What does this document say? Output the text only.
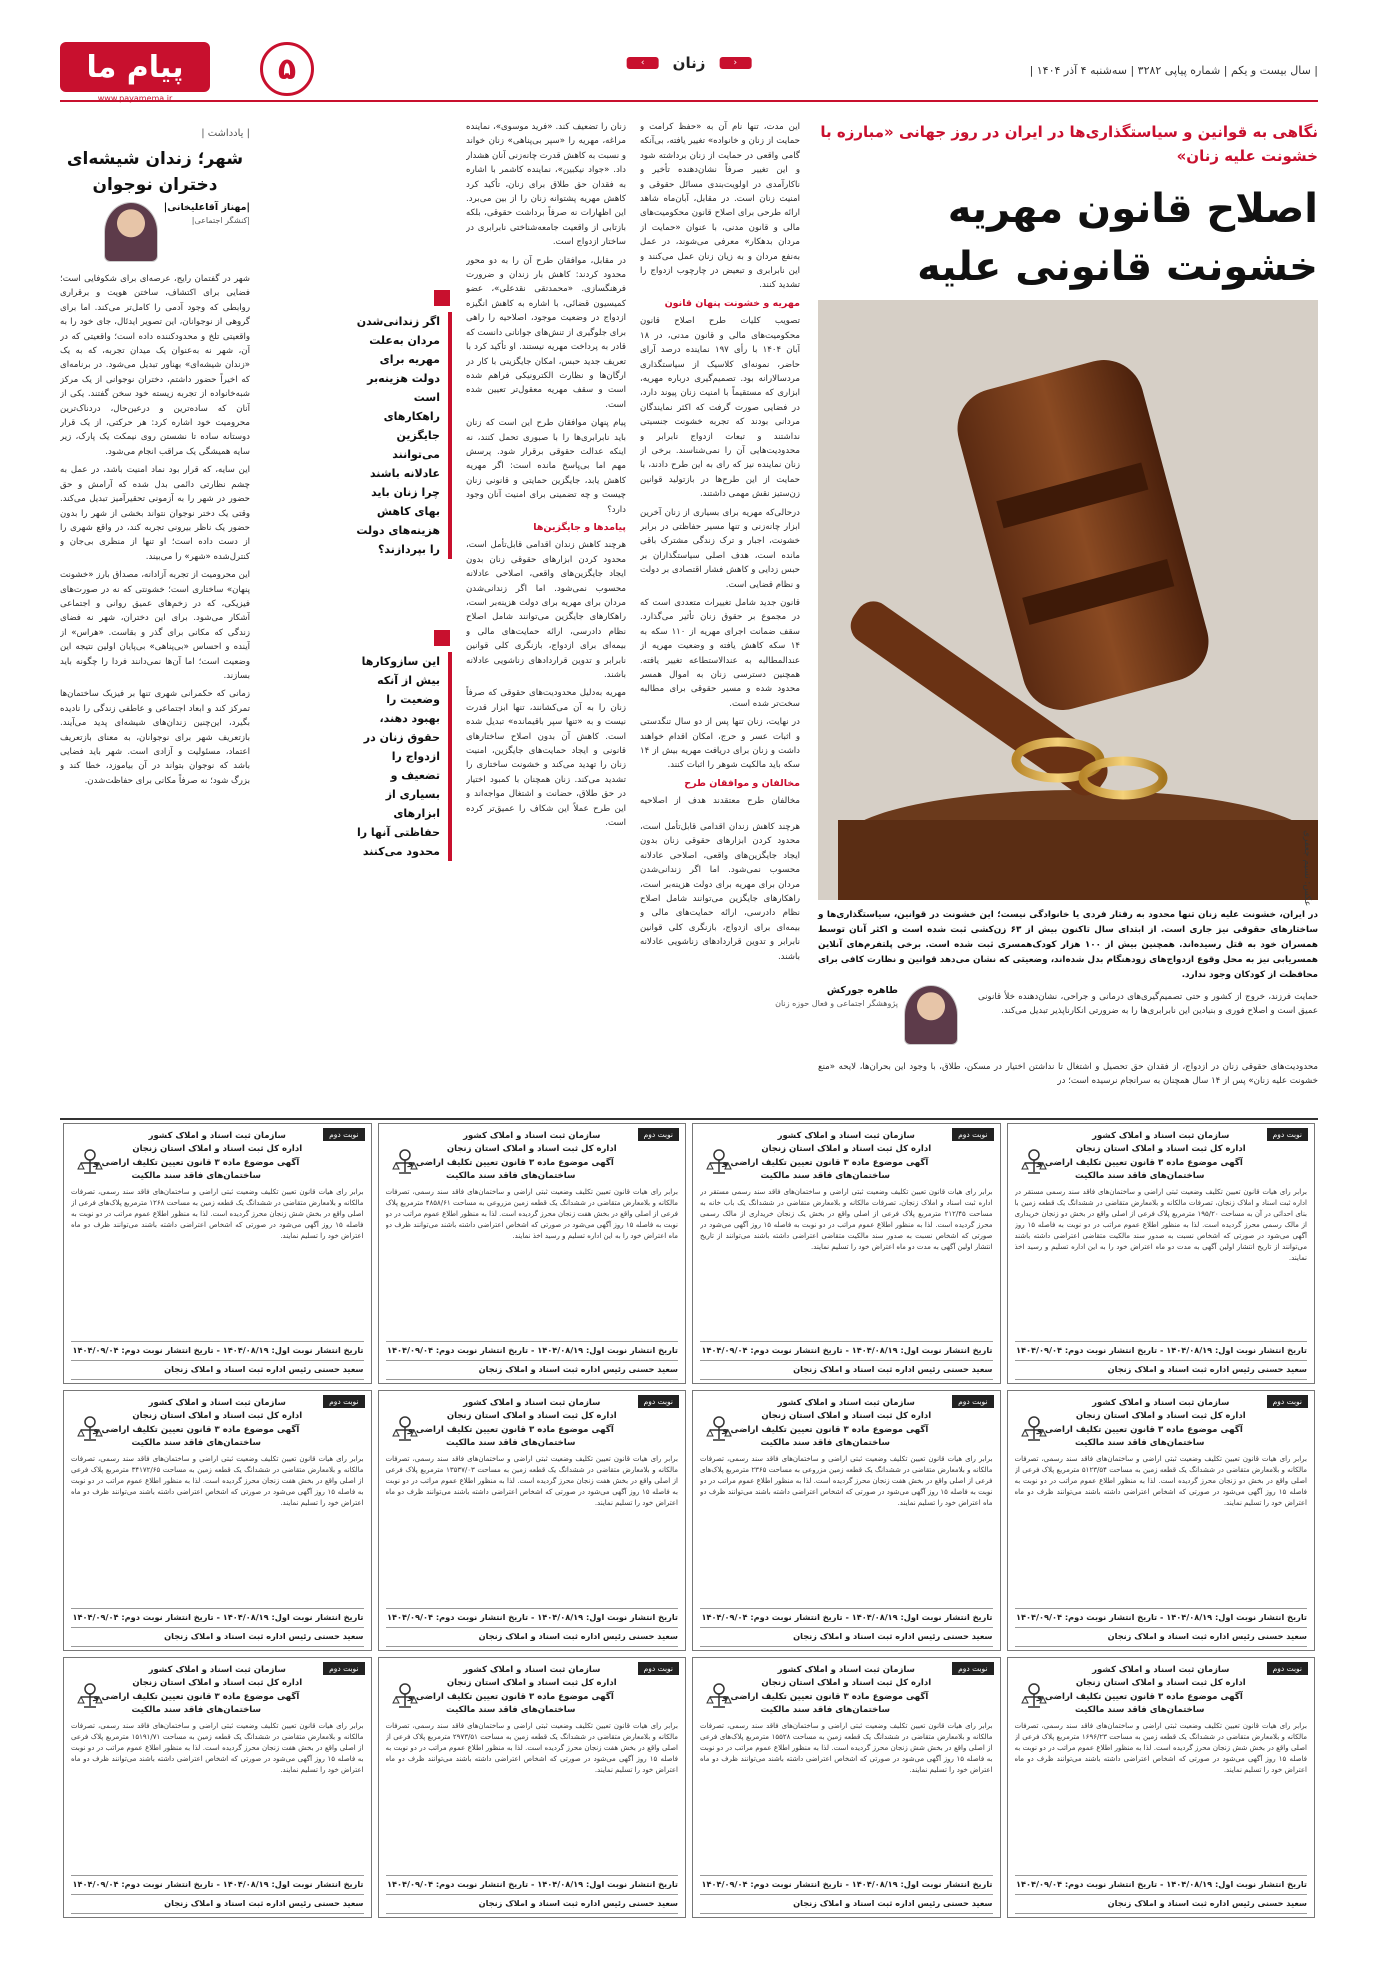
پیام ما
www.payamema.ir
۵	‹
زنان
›
| سال بیست و یکم | شماره پیاپی ۳۲۸۲ | سه‌شنبه ۴ آذر ۱۴۰۴ |
نگاهی به قوانین و سیاستگذاری‌ها در ایران در روز جهانی «مبارزه با خشونت علیه زنان»
اصلاح قانون مهریه خشونت قانونی علیه
عکس: نسیم جعفری
در ایران، خشونت علیه زنان تنها محدود به رفتار فردی یا خانوادگی نیست؛ این خشونت در قوانین، سیاستگذاری‌ها و ساختارهای حقوقی نیز جاری است. از ابتدای سال تاکنون بیش از ۶۳ زن‌کشی ثبت شده است و اکثر آنان توسط همسران خود به قتل رسیده‌اند. همچنین بیش از ۱۰۰ هزار کودک‌همسری ثبت شده است. برخی پلتفرم‌های آنلاین همسریابی نیز به محل وقوع ازدواج‌های زودهنگام بدل شده‌اند، وضعیتی که نشان می‌دهد قوانین و نظارت کافی برای محافظت از کودکان وجود ندارد.

این مدت، تنها نام آن به «حفظ کرامت و حمایت از زنان و خانواده» تغییر یافته، بی‌آنکه گامی واقعی در حمایت از زنان برداشته شود و این تغییر صرفاً نشان‌دهنده تأخیر و ناکارآمدی در اولویت‌بندی مسائل حقوقی و امنیت زنان است. در مقابل، آبان‌ماه شاهد ارائه طرحی برای اصلاح قانون محکومیت‌های مالی و قانون مدنی، با عنوان «حمایت از مردان بدهکار» معرفی می‌شوند، در عمل به‌نفع مردان و به زیان زنان عمل می‌کنند و این نابرابری و تبعیض در چارچوب ازدواج را تشدید کنند.

مهریه و خشونت پنهان قانون

تصویب کلیات طرح اصلاح قانون محکومیت‌های مالی و قانون مدنی، در ۱۸ آبان ۱۴۰۴ با رأی ۱۹۷ نماینده درصد آرای حاضر، نمونه‌ای کلاسیک از سیاستگذاری مردسالارانه بود. تصمیم‌گیری درباره مهریه، ابزاری که مستقیماً با امنیت زنان پیوند دارد، در فضایی صورت گرفت که اکثر نمایندگان مردانی بودند که تجربه خشونت جنسیتی نداشتند و تبعات ازدواج نابرابر و محدودیت‌هایی آن را نمی‌شناسند. برخی از زنان نماینده نیز که رای به این طرح دادند، با حمایت از این طرح‌ها در بازتولید قوانین زن‌ستیز نقش مهمی داشتند.

درحالی‌که مهریه برای بسیاری از زنان آخرین ابزار چانه‌زنی و تنها مسیر حفاظتی در برابر خشونت، اجبار و ترک زندگی مشترک باقی مانده است، هدف اصلی سیاستگذاران بر حبس زدایی و کاهش فشار اقتصادی بر دولت و نظام قضایی است.

قانون جدید شامل تغییرات متعددی است که در مجموع بر حقوق زنان تأثیر می‌گذارد. سقف ضمانت اجرای مهریه از ۱۱۰ سکه به ۱۴ سکه کاهش یافته و وضعیت مهریه از عندالمطالبه به عندالاستطاعه تغییر یافته. همچنین دسترسی زنان به اموال همسر محدود شده و مسیر حقوقی برای مطالبه سخت‌تر شده است.

در نهایت، زنان تنها پس از دو سال تنگدستی و اثبات عسر و حرج، امکان اقدام خواهند داشت و زنان برای دریافت مهریه بیش از ۱۴ سکه باید مالکیت شوهر را اثبات کنند.

مخالفان و موافقان طرح

مخالفان طرح معتقدند هدف از اصلاحیه

زنان را تضعیف کند. «فرید موسوی»، نماینده مراغه، مهریه را «سپر بی‌پناهی» زنان خواند و نسبت به کاهش قدرت چانه‌زنی آنان هشدار داد. «جواد نیکبین»، نماینده کاشمر با اشاره به فقدان حق طلاق برای زنان، تأکید کرد کاهش مهریه پشتوانه زنان را از بین می‌برد. این اظهارات نه صرفاً برداشت حقوقی، بلکه بازتابی از واقعیت جامعه‌شناختی نابرابری در ساختار ازدواج است.

در مقابل، موافقان طرح آن را به دو محور محدود کردند: کاهش بار زندان و ضرورت فرهنگسازی. «محمدتقی نقدعلی»، عضو کمیسیون قضائی، با اشاره به کاهش انگیزه ازدواج در وضعیت موجود، اصلاحیه را راهی برای جلوگیری از تنش‌های جوانانی دانست که قادر به پرداخت مهریه نیستند. او تأکید کرد با تعریف جدید حبس، امکان جایگزینی با کار در ارگان‌ها و نظارت الکترونیکی فراهم شده است و سقف مهریه معقول‌تر تعیین شده است.

پیام پنهان موافقان طرح این است که زنان باید نابرابری‌ها را با صبوری تحمل کنند، نه اینکه عدالت حقوقی برقرار شود. پرسش مهم اما بی‌پاسخ مانده است: اگر مهریه کاهش یابد، جایگزین حمایتی و قانونی زنان چیست و چه تضمینی برای امنیت آنان وجود دارد؟

پیامدها و جایگزین‌ها

هرچند کاهش زندان اقدامی قابل‌تأمل است، محدود کردن ابزارهای حقوقی زنان بدون ایجاد جایگزین‌های واقعی، اصلاحی عادلانه محسوب نمی‌شود. اما اگر زندانی‌شدن مردان برای مهریه برای دولت هزینه‌بر است، راهکارهای جایگزین می‌توانند شامل اصلاح نظام دادرسی، ارائه حمایت‌های مالی و بیمه‌ای برای ازدواج، بازنگری کلی قوانین نابرابر و تدوین قراردادهای زناشویی عادلانه باشند.

مهریه به‌دلیل محدودیت‌های حقوقی که صرفاً زنان را به آن می‌کشانند، تنها ابزار قدرت نیست و به «تنها سپر باقیمانده» تبدیل شده است. کاهش آن بدون اصلاح ساختارهای قانونی و ایجاد حمایت‌های جایگزین، امنیت زنان را تهدید می‌کند و خشونت ساختاری را تشدید می‌کند. زنان همچنان با کمبود اختیار در حق طلاق، حضانت و اشتغال مواجه‌اند و این طرح عملاً این شکاف را عمیق‌تر کرده است. هرچند کاهش زندان اقدامی قابل‌تأمل است، محدود کردن ابزارهای حقوقی زنان بدون ایجاد جایگزین‌های واقعی، اصلاحی عادلانه محسوب نمی‌شود. اما اگر زندانی‌شدن مردان برای مهریه برای دولت هزینه‌بر است، راهکارهای جایگزین می‌توانند شامل اصلاح نظام دادرسی، ارائه حمایت‌های مالی و بیمه‌ای برای ازدواج، بازنگری کلی قوانین نابرابر و تدوین قراردادهای زناشویی عادلانه باشند.

اگر زندانی‌شدن مردان به‌علت مهریه برای دولت هزینه‌بر است راهکارهای جایگزین می‌توانند عادلانه باشند چرا زنان باید بهای کاهش هزینه‌های دولت را بپردازند؟
این سازوکارها بیش از آنکه وضعیت را بهبود دهند، حقوق زنان در ازدواج را تضعیف و بسیاری از ابزارهای حفاظتی آنها را محدود می‌کنند
طاهره جورکش
پژوهشگر اجتماعی و فعال حوزه زنان
حمایت فرزند، خروج از کشور و حتی تصمیم‌گیری‌های درمانی و جراحی، نشان‌دهنده خلأ قانونی عمیق است و اصلاح فوری و بنیادین این نابرابری‌ها را به ضرورتی انکارناپذیر تبدیل می‌کند.
محدودیت‌های حقوقی زنان در ازدواج، از فقدان حق تحصیل و اشتغال تا نداشتن اختیار در مسکن، طلاق، با وجود این بحران‌ها، لایحه «منع خشونت علیه زنان» پس از ۱۴ سال همچنان به سرانجام نرسیده است؛ در
| یادداشت |
شهر؛ زندان شیشه‌ای دختران نوجوان
|مهناز آقاعلیخانی|
|کنشگر اجتماعی|

شهر در گفتمان رایج، عرصه‌ای برای شکوفایی است؛ فضایی برای اکتشاف، ساختن هویت و برقراری روابطی که وجود آدمی را کامل‌تر می‌کند. اما برای گروهی از نوجوانان، این تصویر ایدئال، جای خود را به واقعیتی تلخ و محدودکننده داده است؛ واقعیتی که در آن، شهر نه به‌عنوان یک میدان تجربه، که به یک «زندان شیشه‌ای» بهناور تبدیل می‌شود. در برنامه‌ای که اخیراً حضور داشتم، دختران نوجوانی از یک مرکز شبه‌خانواده از تجربه زیسته خود سخن گفتند. یکی از آنان که ساده‌ترین و درعین‌حال، دردناک‌ترین محرومیت خود اشاره کرد: هر حرکتی، از یک قرار دوستانه ساده تا نشستن روی نیمکت یک پارک، زیر سایه همیشگی یک مراقب انجام می‌شود.

این سایه، که قرار بود نماد امنیت باشد، در عمل به چشم نظارتی دائمی بدل شده که آرامش و حق حضور در شهر را به آزمونی تحقیرآمیز تبدیل می‌کند. وقتی یک دختر نوجوان نتواند بخشی از شهر را بدون حضور یک ناظر بیرونی تجربه کند، در واقع شهری را از دست داده است؛ او تنها از منظری بی‌جان و کنترل‌شده «شهر» را می‌بیند.

این محرومیت از تجربه آزادانه، مصداق بارز «خشونت پنهان» ساختاری است؛ خشونتی که نه در صورت‌های فیزیکی، که در زخم‌های عمیق روانی و اجتماعی آشکار می‌شود. برای این دختران، شهر نه فضای زندگی که مکانی برای گذر و بقاست. «هراس» از آینده و احساس «بی‌پناهی» بی‌پایان اولین نتیجه این وضعیت است؛ اما آن‌ها نمی‌دانند فردا را چگونه باید بسازند.

زمانی که حکمرانی شهری تنها بر فیزیک ساختمان‌ها تمرکز کند و ابعاد اجتماعی و عاطفی زندگی را نادیده بگیرد، این‌چنین زندان‌های شیشه‌ای پدید می‌آیند. بازتعریف شهر برای نوجوانان، به معنای بازتعریف اعتماد، مسئولیت و آزادی است. شهر باید فضایی باشد که نوجوان بتواند در آن بیاموزد، خطا کند و بزرگ شود؛ نه صرفاً مکانی برای حفاظت‌شدن.

نوبت دوم
سازمان ثبت اسناد و املاک کشور
اداره کل ثبت اسناد و املاک استان زنجان
آگهی موضوع ماده ۳ قانون تعیین تکلیف اراضی و ساختمان‌های فاقد سند مالکیت
برابر رای هیات قانون تعیین تکلیف وضعیت ثبتی اراضی و ساختمان‌های فاقد سند رسمی مستقر در اداره ثبت اسناد و املاک زنجان، تصرفات مالکانه و بلامعارض متقاضی در ششدانگ یک قطعه زمین با بنای احداثی در آن به مساحت ۱۹۵/۲۰ مترمربع پلاک فرعی از اصلی واقع در بخش دو زنجان خریداری از مالک رسمی محرز گردیده است. لذا به منظور اطلاع عموم مراتب در دو نوبت به فاصله ۱۵ روز آگهی می‌شود در صورتی که اشخاص نسبت به صدور سند مالکیت متقاضی اعتراضی داشته باشند می‌توانند از تاریخ انتشار اولین آگهی به مدت دو ماه اعتراض خود را به این اداره تسلیم و رسید اخذ نمایند.
تاریخ انتشار نوبت اول: ۱۴۰۴/۰۸/۱۹ - تاریخ انتشار نوبت دوم: ۱۴۰۴/۰۹/۰۴
سعید حسنی رئیس اداره ثبت اسناد و املاک زنجان
نوبت دوم
سازمان ثبت اسناد و املاک کشور
اداره کل ثبت اسناد و املاک استان زنجان
آگهی موضوع ماده ۳ قانون تعیین تکلیف اراضی و ساختمان‌های فاقد سند مالکیت
برابر رای هیات قانون تعیین تکلیف وضعیت ثبتی اراضی و ساختمان‌های فاقد سند رسمی مستقر در اداره ثبت اسناد و املاک زنجان، تصرفات مالکانه و بلامعارض متقاضی در ششدانگ یک باب خانه به مساحت ۲۱۲/۴۵ مترمربع پلاک فرعی از اصلی واقع در بخش یک زنجان خریداری از مالک رسمی محرز گردیده است. لذا به منظور اطلاع عموم مراتب در دو نوبت به فاصله ۱۵ روز آگهی می‌شود در صورتی که اشخاص نسبت به صدور سند مالکیت متقاضی اعتراضی داشته باشند می‌توانند از تاریخ انتشار اولین آگهی به مدت دو ماه اعتراض خود را تسلیم نمایند.
تاریخ انتشار نوبت اول: ۱۴۰۴/۰۸/۱۹ - تاریخ انتشار نوبت دوم: ۱۴۰۴/۰۹/۰۴
سعید حسنی رئیس اداره ثبت اسناد و املاک زنجان
نوبت دوم
سازمان ثبت اسناد و املاک کشور
اداره کل ثبت اسناد و املاک استان زنجان
آگهی موضوع ماده ۳ قانون تعیین تکلیف اراضی و ساختمان‌های فاقد سند مالکیت
برابر رای هیات قانون تعیین تکلیف وضعیت ثبتی اراضی و ساختمان‌های فاقد سند رسمی، تصرفات مالکانه و بلامعارض متقاضی در ششدانگ یک قطعه زمین مزروعی به مساحت ۴۸۵۸/۶۱ مترمربع پلاک فرعی از اصلی واقع در بخش هفت زنجان محرز گردیده است. لذا به منظور اطلاع عموم مراتب در دو نوبت به فاصله ۱۵ روز آگهی می‌شود در صورتی که اشخاص اعتراضی داشته باشند می‌توانند ظرف دو ماه اعتراض خود را به این اداره تسلیم و رسید اخذ نمایند.
تاریخ انتشار نوبت اول: ۱۴۰۴/۰۸/۱۹ - تاریخ انتشار نوبت دوم: ۱۴۰۴/۰۹/۰۴
سعید حسنی رئیس اداره ثبت اسناد و املاک زنجان
نوبت دوم
سازمان ثبت اسناد و املاک کشور
اداره کل ثبت اسناد و املاک استان زنجان
آگهی موضوع ماده ۳ قانون تعیین تکلیف اراضی و ساختمان‌های فاقد سند مالکیت
برابر رای هیات قانون تعیین تکلیف وضعیت ثبتی اراضی و ساختمان‌های فاقد سند رسمی، تصرفات مالکانه و بلامعارض متقاضی در ششدانگ یک قطعه زمین به مساحت ۱۲۶۸ مترمربع پلاک‌های فرعی از اصلی واقع در بخش شش زنجان محرز گردیده است. لذا به منظور اطلاع عموم مراتب در دو نوبت به فاصله ۱۵ روز آگهی می‌شود در صورتی که اشخاص اعتراضی داشته باشند می‌توانند ظرف دو ماه اعتراض خود را تسلیم نمایند.
تاریخ انتشار نوبت اول: ۱۴۰۴/۰۸/۱۹ - تاریخ انتشار نوبت دوم: ۱۴۰۴/۰۹/۰۴
سعید حسنی رئیس اداره ثبت اسناد و املاک زنجان
نوبت دوم
سازمان ثبت اسناد و املاک کشور
اداره کل ثبت اسناد و املاک استان زنجان
آگهی موضوع ماده ۳ قانون تعیین تکلیف اراضی و ساختمان‌های فاقد سند مالکیت
برابر رای هیات قانون تعیین تکلیف وضعیت ثبتی اراضی و ساختمان‌های فاقد سند رسمی، تصرفات مالکانه و بلامعارض متقاضی در ششدانگ یک قطعه زمین به مساحت ۵۱۲۳/۵۴ مترمربع پلاک فرعی از اصلی واقع در بخش دو زنجان محرز گردیده است. لذا به منظور اطلاع عموم مراتب در دو نوبت به فاصله ۱۵ روز آگهی می‌شود در صورتی که اشخاص اعتراضی داشته باشند می‌توانند ظرف دو ماه اعتراض خود را تسلیم نمایند.
تاریخ انتشار نوبت اول: ۱۴۰۴/۰۸/۱۹ - تاریخ انتشار نوبت دوم: ۱۴۰۴/۰۹/۰۴
سعید حسنی رئیس اداره ثبت اسناد و املاک زنجان
نوبت دوم
سازمان ثبت اسناد و املاک کشور
اداره کل ثبت اسناد و املاک استان زنجان
آگهی موضوع ماده ۳ قانون تعیین تکلیف اراضی و ساختمان‌های فاقد سند مالکیت
برابر رای هیات قانون تعیین تکلیف وضعیت ثبتی اراضی و ساختمان‌های فاقد سند رسمی، تصرفات مالکانه و بلامعارض متقاضی در ششدانگ یک قطعه زمین مزروعی به مساحت ۲۳۶۵ مترمربع پلاک‌های فرعی از اصلی واقع در بخش هفت زنجان محرز گردیده است. لذا به منظور اطلاع عموم مراتب در دو نوبت به فاصله ۱۵ روز آگهی می‌شود در صورتی که اشخاص اعتراضی داشته باشند می‌توانند ظرف دو ماه اعتراض خود را تسلیم نمایند.
تاریخ انتشار نوبت اول: ۱۴۰۴/۰۸/۱۹ - تاریخ انتشار نوبت دوم: ۱۴۰۴/۰۹/۰۴
سعید حسنی رئیس اداره ثبت اسناد و املاک زنجان
نوبت دوم
سازمان ثبت اسناد و املاک کشور
اداره کل ثبت اسناد و املاک استان زنجان
آگهی موضوع ماده ۳ قانون تعیین تکلیف اراضی و ساختمان‌های فاقد سند مالکیت
برابر رای هیات قانون تعیین تکلیف وضعیت ثبتی اراضی و ساختمان‌های فاقد سند رسمی، تصرفات مالکانه و بلامعارض متقاضی در ششدانگ یک قطعه زمین به مساحت ۱۳۵۳۷/۰۳ مترمربع پلاک فرعی از اصلی واقع در بخش هفت زنجان محرز گردیده است. لذا به منظور اطلاع عموم مراتب در دو نوبت به فاصله ۱۵ روز آگهی می‌شود در صورتی که اشخاص اعتراضی داشته باشند می‌توانند ظرف دو ماه اعتراض خود را تسلیم نمایند.
تاریخ انتشار نوبت اول: ۱۴۰۴/۰۸/۱۹ - تاریخ انتشار نوبت دوم: ۱۴۰۴/۰۹/۰۴
سعید حسنی رئیس اداره ثبت اسناد و املاک زنجان
نوبت دوم
سازمان ثبت اسناد و املاک کشور
اداره کل ثبت اسناد و املاک استان زنجان
آگهی موضوع ماده ۳ قانون تعیین تکلیف اراضی و ساختمان‌های فاقد سند مالکیت
برابر رای هیات قانون تعیین تکلیف وضعیت ثبتی اراضی و ساختمان‌های فاقد سند رسمی، تصرفات مالکانه و بلامعارض متقاضی در ششدانگ یک قطعه زمین به مساحت ۳۴۱۷۲/۶۵ مترمربع پلاک فرعی از اصلی واقع در بخش هفت زنجان محرز گردیده است. لذا به منظور اطلاع عموم مراتب در دو نوبت به فاصله ۱۵ روز آگهی می‌شود در صورتی که اشخاص اعتراضی داشته باشند می‌توانند ظرف دو ماه اعتراض خود را تسلیم نمایند.
تاریخ انتشار نوبت اول: ۱۴۰۴/۰۸/۱۹ - تاریخ انتشار نوبت دوم: ۱۴۰۴/۰۹/۰۴
سعید حسنی رئیس اداره ثبت اسناد و املاک زنجان
نوبت دوم
سازمان ثبت اسناد و املاک کشور
اداره کل ثبت اسناد و املاک استان زنجان
آگهی موضوع ماده ۳ قانون تعیین تکلیف اراضی و ساختمان‌های فاقد سند مالکیت
برابر رای هیات قانون تعیین تکلیف وضعیت ثبتی اراضی و ساختمان‌های فاقد سند رسمی، تصرفات مالکانه و بلامعارض متقاضی در ششدانگ یک قطعه زمین به مساحت ۱۶۹۶/۲۳ مترمربع پلاک فرعی از اصلی واقع در بخش شش زنجان محرز گردیده است. لذا به منظور اطلاع عموم مراتب در دو نوبت به فاصله ۱۵ روز آگهی می‌شود در صورتی که اشخاص اعتراضی داشته باشند می‌توانند ظرف دو ماه اعتراض خود را تسلیم نمایند.
تاریخ انتشار نوبت اول: ۱۴۰۴/۰۸/۱۹ - تاریخ انتشار نوبت دوم: ۱۴۰۴/۰۹/۰۴
سعید حسنی رئیس اداره ثبت اسناد و املاک زنجان
نوبت دوم
سازمان ثبت اسناد و املاک کشور
اداره کل ثبت اسناد و املاک استان زنجان
آگهی موضوع ماده ۳ قانون تعیین تکلیف اراضی و ساختمان‌های فاقد سند مالکیت
برابر رای هیات قانون تعیین تکلیف وضعیت ثبتی اراضی و ساختمان‌های فاقد سند رسمی، تصرفات مالکانه و بلامعارض متقاضی در ششدانگ یک قطعه زمین به مساحت ۱۵۵۲۸ مترمربع پلاک‌های فرعی از اصلی واقع در بخش شش زنجان محرز گردیده است. لذا به منظور اطلاع عموم مراتب در دو نوبت به فاصله ۱۵ روز آگهی می‌شود در صورتی که اشخاص اعتراضی داشته باشند می‌توانند ظرف دو ماه اعتراض خود را تسلیم نمایند.
تاریخ انتشار نوبت اول: ۱۴۰۴/۰۸/۱۹ - تاریخ انتشار نوبت دوم: ۱۴۰۴/۰۹/۰۴
سعید حسنی رئیس اداره ثبت اسناد و املاک زنجان
نوبت دوم
سازمان ثبت اسناد و املاک کشور
اداره کل ثبت اسناد و املاک استان زنجان
آگهی موضوع ماده ۳ قانون تعیین تکلیف اراضی و ساختمان‌های فاقد سند مالکیت
برابر رای هیات قانون تعیین تکلیف وضعیت ثبتی اراضی و ساختمان‌های فاقد سند رسمی، تصرفات مالکانه و بلامعارض متقاضی در ششدانگ یک قطعه زمین به مساحت ۲۹۷۳/۵۱ مترمربع پلاک فرعی از اصلی واقع در بخش هفت زنجان محرز گردیده است. لذا به منظور اطلاع عموم مراتب در دو نوبت به فاصله ۱۵ روز آگهی می‌شود در صورتی که اشخاص اعتراضی داشته باشند می‌توانند ظرف دو ماه اعتراض خود را تسلیم نمایند.
تاریخ انتشار نوبت اول: ۱۴۰۴/۰۸/۱۹ - تاریخ انتشار نوبت دوم: ۱۴۰۴/۰۹/۰۴
سعید حسنی رئیس اداره ثبت اسناد و املاک زنجان
نوبت دوم
سازمان ثبت اسناد و املاک کشور
اداره کل ثبت اسناد و املاک استان زنجان
آگهی موضوع ماده ۳ قانون تعیین تکلیف اراضی و ساختمان‌های فاقد سند مالکیت
برابر رای هیات قانون تعیین تکلیف وضعیت ثبتی اراضی و ساختمان‌های فاقد سند رسمی، تصرفات مالکانه و بلامعارض متقاضی در ششدانگ یک قطعه زمین به مساحت ۱۵۱۹۱/۷۱ مترمربع پلاک فرعی از اصلی واقع در بخش هفت زنجان محرز گردیده است. لذا به منظور اطلاع عموم مراتب در دو نوبت به فاصله ۱۵ روز آگهی می‌شود در صورتی که اشخاص اعتراضی داشته باشند می‌توانند ظرف دو ماه اعتراض خود را تسلیم نمایند.
تاریخ انتشار نوبت اول: ۱۴۰۴/۰۸/۱۹ - تاریخ انتشار نوبت دوم: ۱۴۰۴/۰۹/۰۴
سعید حسنی رئیس اداره ثبت اسناد و املاک زنجان
